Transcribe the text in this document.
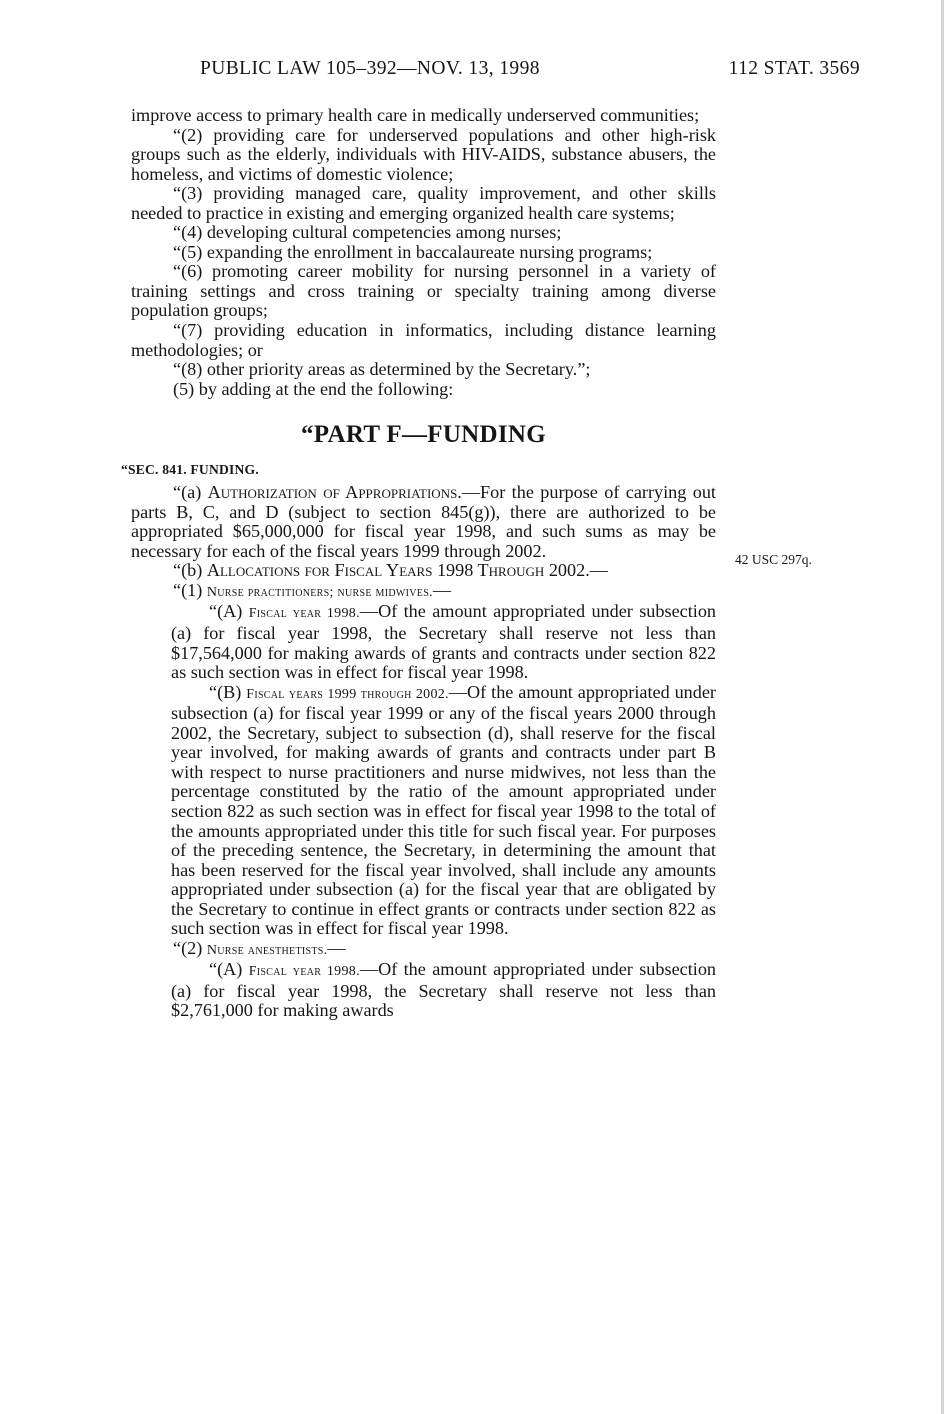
PUBLIC LAW 105–392—NOV. 13, 1998	112 STAT. 3569
42 USC 297q.

improve access to primary health care in medically underserved communities;

“(2) providing care for underserved populations and other high-risk groups such as the elderly, individuals with HIV-AIDS, substance abusers, the homeless, and victims of domestic violence;

“(3) providing managed care, quality improvement, and other skills needed to practice in existing and emerging organized health care systems;

“(4) developing cultural competencies among nurses;

“(5) expanding the enrollment in baccalaureate nursing programs;

“(6) promoting career mobility for nursing personnel in a variety of training settings and cross training or specialty training among diverse population groups;

“(7) providing education in informatics, including distance learning methodologies; or

“(8) other priority areas as determined by the Secretary.”;

(5) by adding at the end the following:

“PART F—FUNDING

“SEC. 841. FUNDING.

“(a) Authorization of Appropriations.—For the purpose of carrying out parts B, C, and D (subject to section 845(g)), there are authorized to be appropriated $65,000,000 for fiscal year 1998, and such sums as may be necessary for each of the fiscal years 1999 through 2002.

“(b) Allocations for Fiscal Years 1998 Through 2002.—

“(1) Nurse practitioners; nurse midwives.—

“(A) Fiscal year 1998.—Of the amount appropriated under subsection (a) for fiscal year 1998, the Secretary shall reserve not less than $17,564,000 for making awards of grants and contracts under section 822 as such section was in effect for fiscal year 1998.

“(B) Fiscal years 1999 through 2002.—Of the amount appropriated under subsection (a) for fiscal year 1999 or any of the fiscal years 2000 through 2002, the Secretary, subject to subsection (d), shall reserve for the fiscal year involved, for making awards of grants and contracts under part B with respect to nurse practitioners and nurse midwives, not less than the percentage constituted by the ratio of the amount appropriated under section 822 as such section was in effect for fiscal year 1998 to the total of the amounts appropriated under this title for such fiscal year. For purposes of the preceding sentence, the Secretary, in determining the amount that has been reserved for the fiscal year involved, shall include any amounts appropriated under subsection (a) for the fiscal year that are obligated by the Secretary to continue in effect grants or contracts under section 822 as such section was in effect for fiscal year 1998.

“(2) Nurse anesthetists.—

“(A) Fiscal year 1998.—Of the amount appropriated under subsection (a) for fiscal year 1998, the Secretary shall reserve not less than $2,761,000 for making awards
